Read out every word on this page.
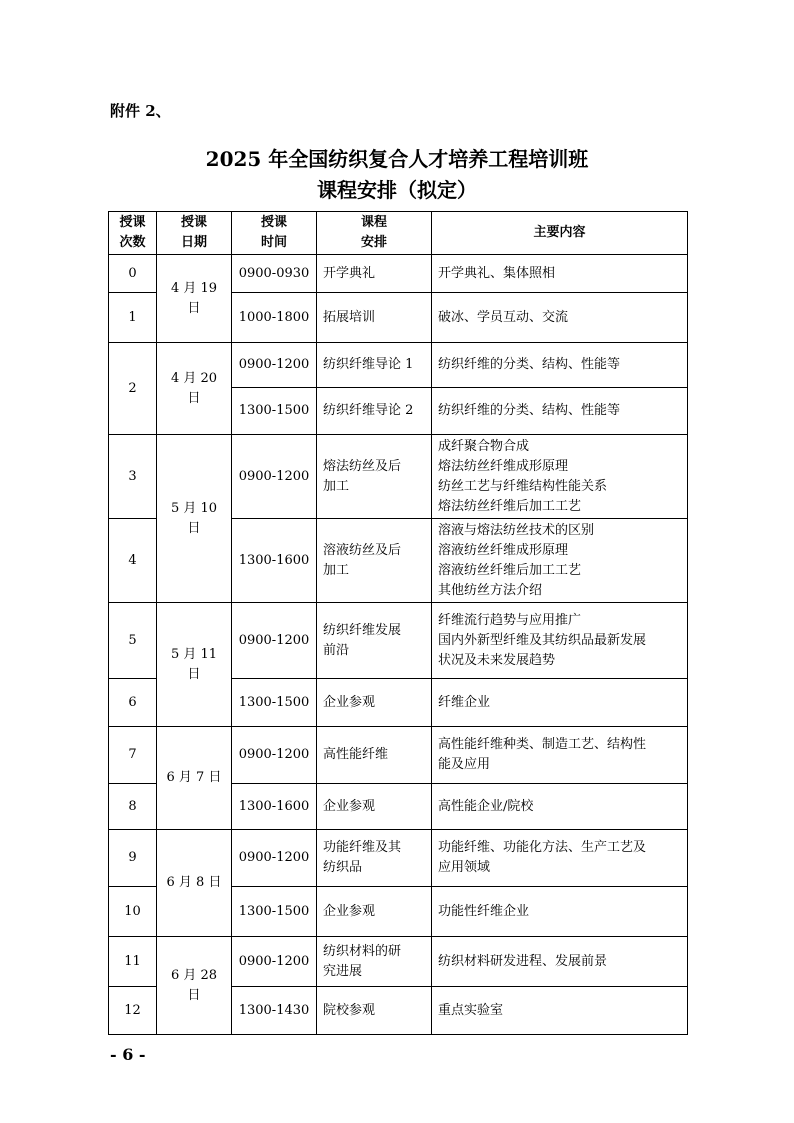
附件 2、
2025 年全国纺织复合人才培养工程培训班
课程安排（拟定）
授课
次数	授课
日期	授课
时间	课程
安排	主要内容

0	4 月 19 日	0900-0930	开学典礼	开学典礼、集体照相

1		1000-1800	拓展培训	破冰、学员互动、交流

2	4 月 20 日	0900-1200	纺织纤维导论 1	纺织纤维的分类、结构、性能等

		1300-1500	纺织纤维导论 2	纺织纤维的分类、结构、性能等

3	5 月 10 日	0900-1200	熔法纺丝及后
加工	成纤聚合物合成
熔法纺丝纤维成形原理
纺丝工艺与纤维结构性能关系
熔法纺丝纤维后加工工艺

4		1300-1600	溶液纺丝及后
加工	溶液与熔法纺丝技术的区别
溶液纺丝纤维成形原理
溶液纺丝纤维后加工工艺
其他纺丝方法介绍

5	5 月 11 日	0900-1200	纺织纤维发展
前沿	纤维流行趋势与应用推广
国内外新型纤维及其纺织品最新发展
状况及未来发展趋势

6		1300-1500	企业参观	纤维企业

7	6 月 7 日	0900-1200	高性能纤维	高性能纤维种类、制造工艺、结构性
能及应用

8		1300-1600	企业参观	高性能企业/院校

9	6 月 8 日	0900-1200	功能纤维及其
纺织品	功能纤维、功能化方法、生产工艺及
应用领域

10		1300-1500	企业参观	功能性纤维企业

11	6 月 28 日	0900-1200	纺织材料的研
究进展	纺织材料研发进程、发展前景

12		1300-1430	院校参观	重点实验室
- 6 -
